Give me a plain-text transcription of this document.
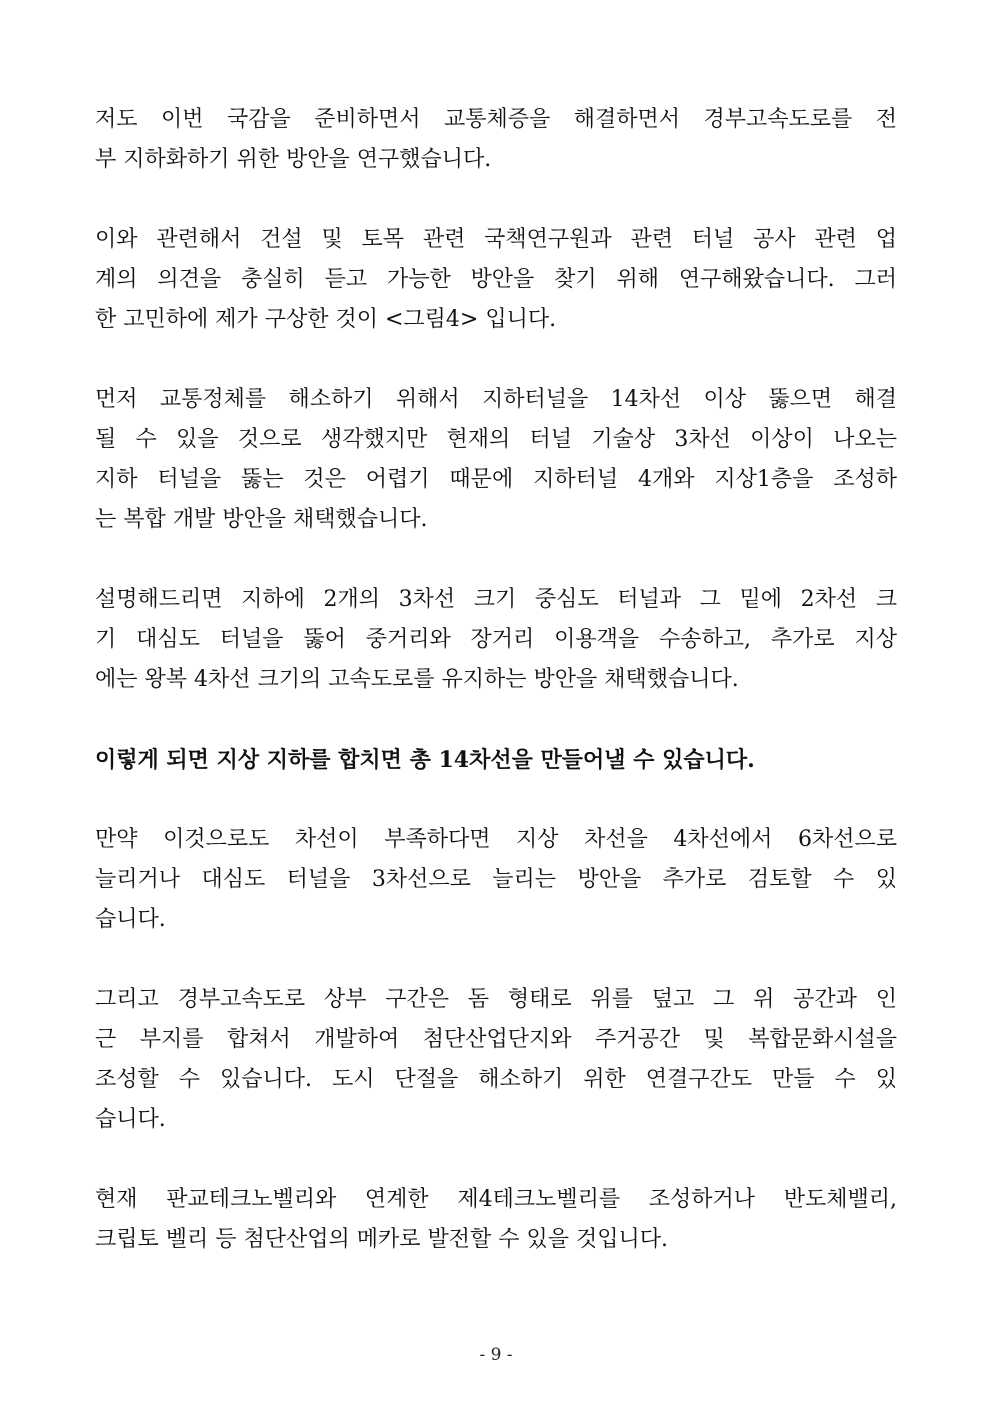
저도 이번 국감을 준비하면서 교통체증을 해결하면서 경부고속도로를 전
부 지하화하기 위한 방안을 연구했습니다.
이와 관련해서 건설 및 토목 관련 국책연구원과 관련 터널 공사 관련 업
계의 의견을 충실히 듣고 가능한 방안을 찾기 위해 연구해왔습니다. 그러
한 고민하에 제가 구상한 것이 <그림4> 입니다.
먼저 교통정체를 해소하기 위해서 지하터널을 14차선 이상 뚫으면 해결
될 수 있을 것으로 생각했지만 현재의 터널 기술상 3차선 이상이 나오는
지하 터널을 뚫는 것은 어렵기 때문에 지하터널 4개와 지상1층을 조성하
는 복합 개발 방안을 채택했습니다.
설명해드리면 지하에 2개의 3차선 크기 중심도 터널과 그 밑에 2차선 크
기 대심도 터널을 뚫어 중거리와 장거리 이용객을 수송하고, 추가로 지상
에는 왕복 4차선 크기의 고속도로를 유지하는 방안을 채택했습니다.
이렇게 되면 지상 지하를 합치면 총 14차선을 만들어낼 수 있습니다.
만약 이것으로도 차선이 부족하다면 지상 차선을 4차선에서 6차선으로
늘리거나 대심도 터널을 3차선으로 늘리는 방안을 추가로 검토할 수 있
습니다.
그리고 경부고속도로 상부 구간은 돔 형태로 위를 덮고 그 위 공간과 인
근 부지를 합쳐서 개발하여 첨단산업단지와 주거공간 및 복합문화시설을
조성할 수 있습니다. 도시 단절을 해소하기 위한 연결구간도 만들 수 있
습니다.
현재 판교테크노벨리와 연계한 제4테크노벨리를 조성하거나 반도체밸리,
크립토 벨리 등 첨단산업의 메카로 발전할 수 있을 것입니다.
- 9 -
